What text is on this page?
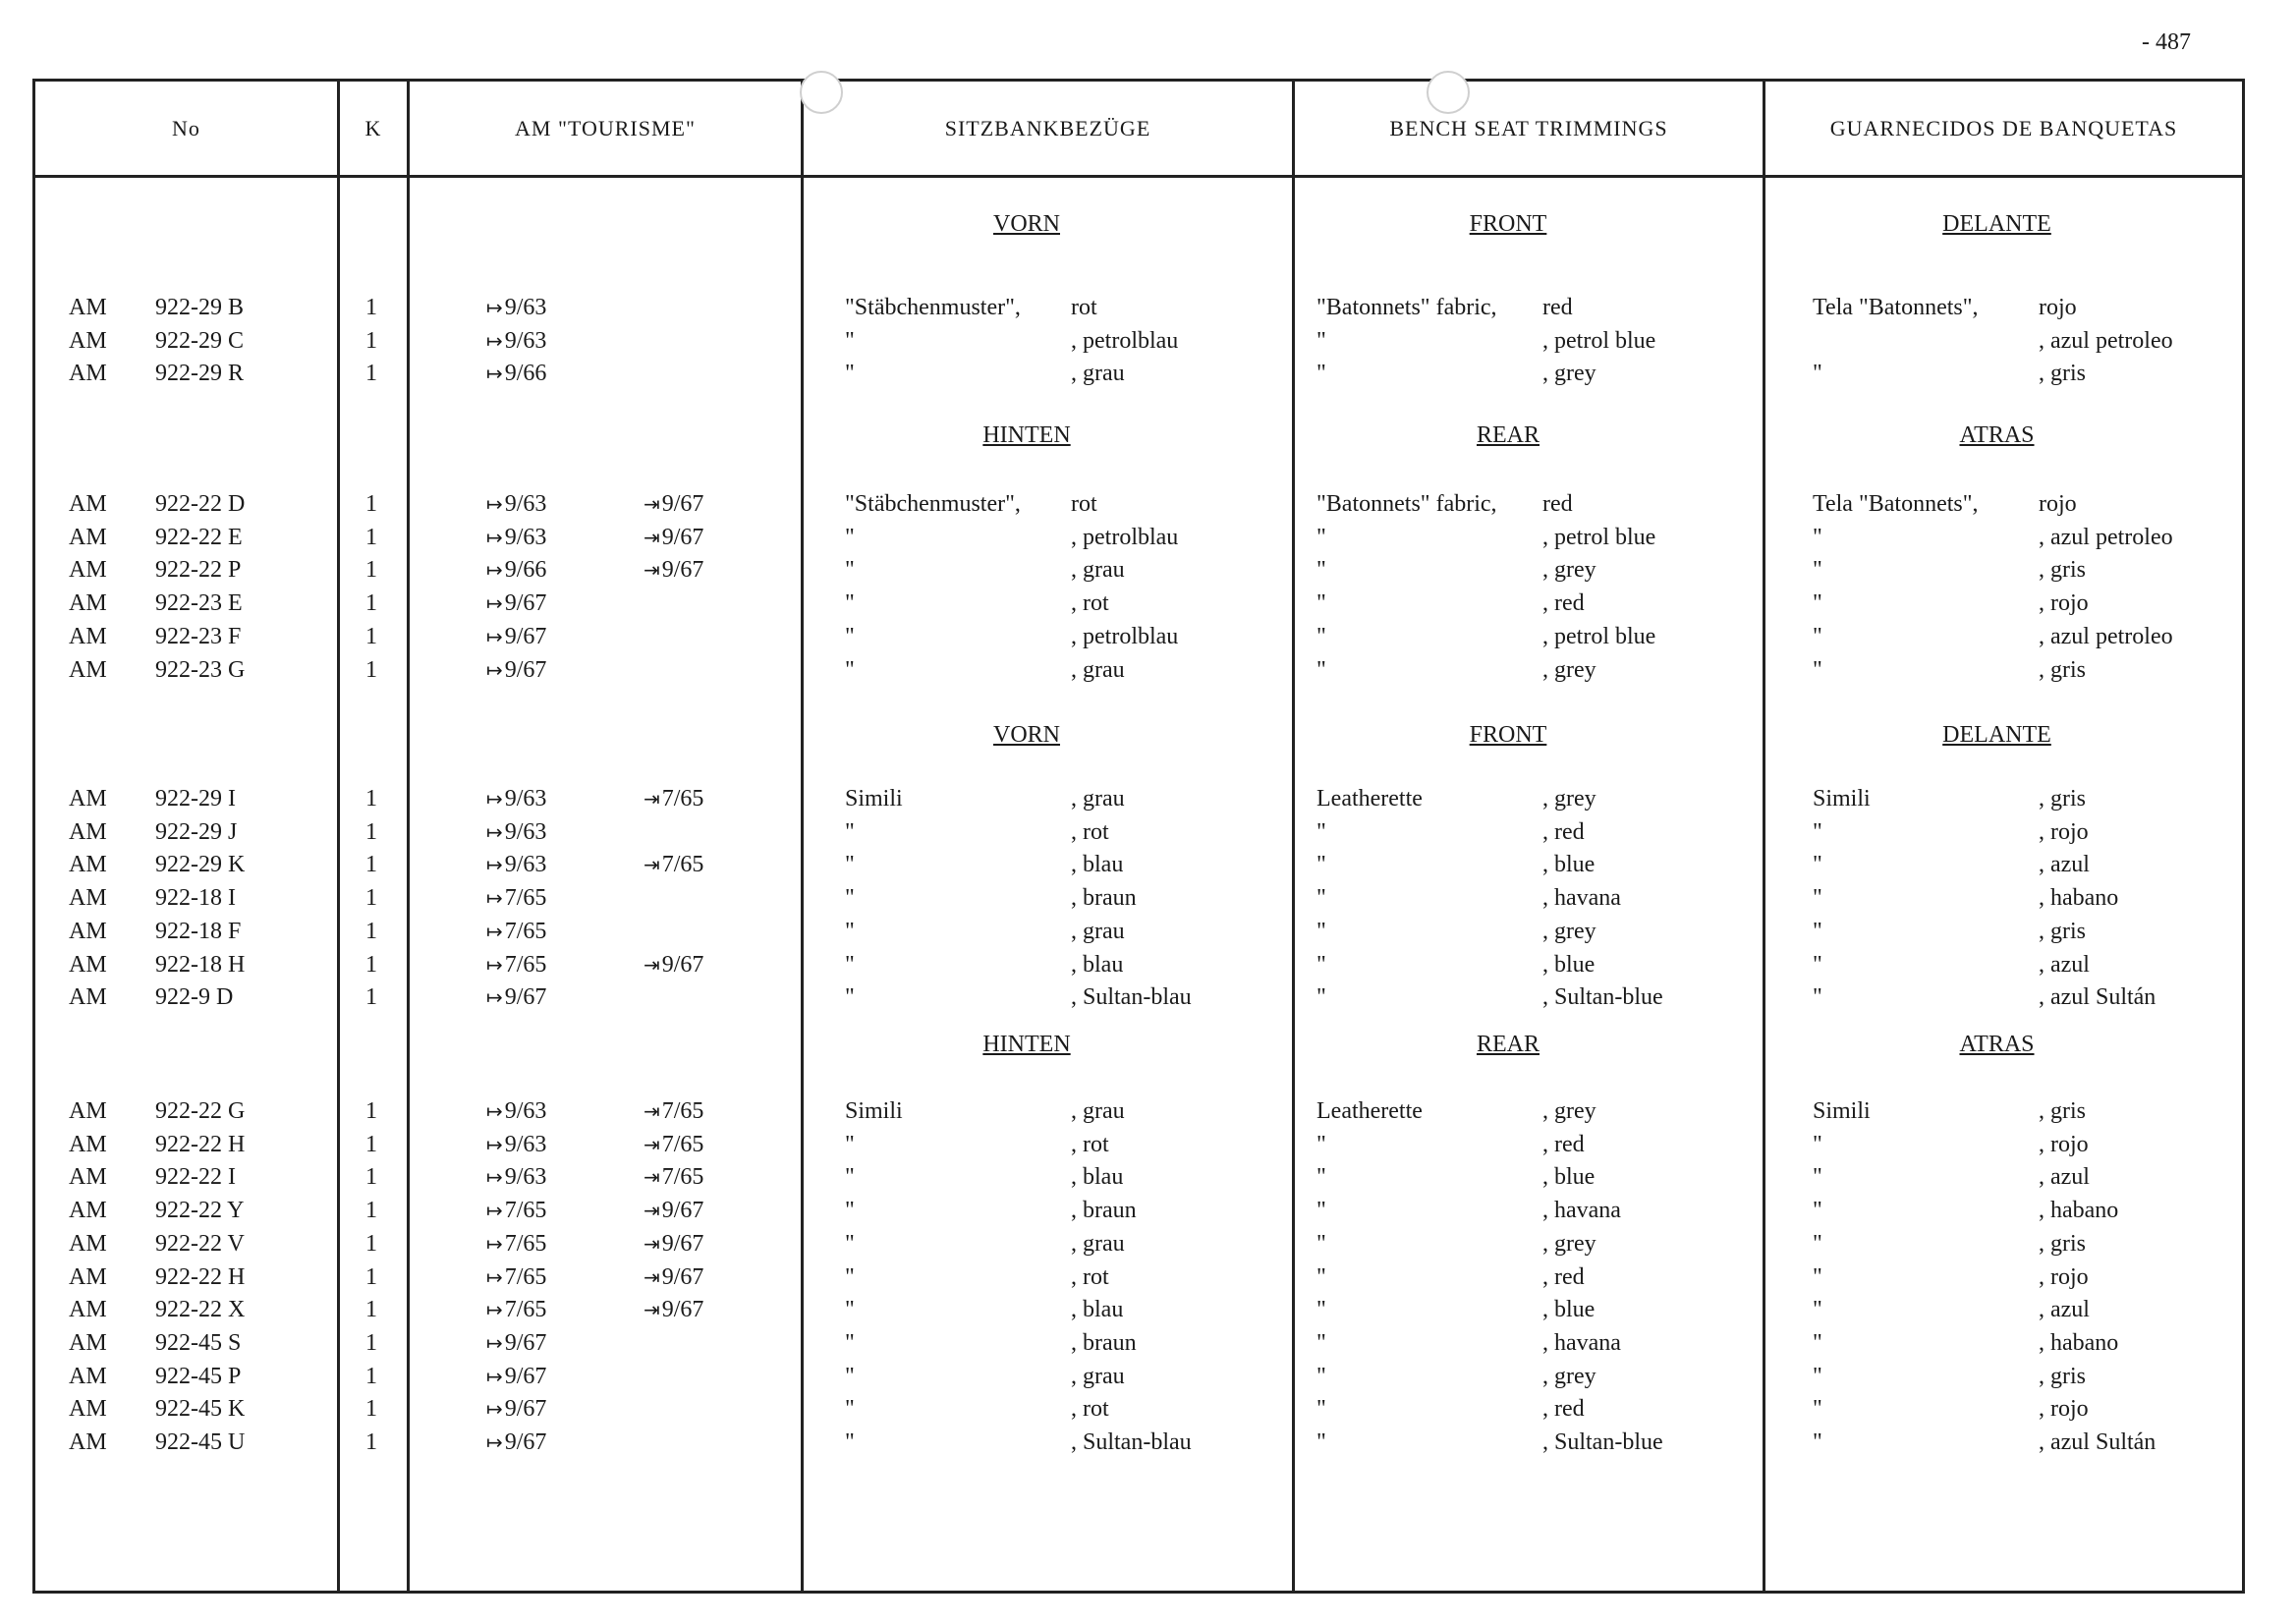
- 487
No	K	AM "TOURISME"	SITZBANKBEZÜGE	BENCH SEAT TRIMMINGS	GUARNECIDOS DE BANQUETAS
VORN	FRONT	DELANTE
AM 922-29 B	1	↦9/63	"Stäbchenmuster", rot	"Batonnets" fabric, red	Tela "Batonnets",	rojo
AM 922-29 C	1	↦9/63	"	, petrolblau	"	, petrol blue	, azul petroleo
AM 922-29 R	1	↦9/66	"	, grau	"	, grey	"	, gris
HINTEN	REAR	ATRAS
AM 922-22 D	1	↦9/63	⇥9/67	"Stäbchenmuster", rot	"Batonnets" fabric, red	Tela "Batonnets",	rojo
AM 922-22 E	1	↦9/63	⇥9/67	"	, petrolblau	"	, petrol blue	"	, azul petroleo
AM 922-22 P	1	↦9/66	⇥9/67	"	, grau	"	, grey	"	, gris
AM 922-23 E	1	↦9/67	"	, rot	"	, red	"	, rojo
AM 922-23 F	1	↦9/67	"	, petrolblau	"	, petrol blue	"	, azul petroleo
AM 922-23 G	1	↦9/67	"	, grau	"	, grey	"	, gris
VORN	FRONT	DELANTE
AM 922-29 I	1	↦9/63	⇥7/65	Simili	, grau	Leatherette	, grey	Simili	, gris
AM 922-29 J	1	↦9/63	"	, rot	"	, red	"	, rojo
AM 922-29 K	1	↦9/63	⇥7/65	"	, blau	"	, blue	"	, azul
AM 922-18 I	1	↦7/65	"	, braun	"	, havana	"	, habano
AM 922-18 F	1	↦7/65	"	, grau	"	, grey	"	, gris
AM 922-18 H	1	↦7/65	⇥9/67	"	, blau	"	, blue	"	, azul
AM 922-9 D	1	↦9/67	"	, Sultan-blau	"	, Sultan-blue	"	, azul Sultán
HINTEN	REAR	ATRAS
AM 922-22 G	1	↦9/63	⇥7/65	Simili	, grau	Leatherette	, grey	Simili	, gris
AM 922-22 H	1	↦9/63	⇥7/65	"	, rot	"	, red	"	, rojo
AM 922-22 I	1	↦9/63	⇥7/65	"	, blau	"	, blue	"	, azul
AM 922-22 Y	1	↦7/65	⇥9/67	"	, braun	"	, havana	"	, habano
AM 922-22 V	1	↦7/65	⇥9/67	"	, grau	"	, grey	"	, gris
AM 922-22 H	1	↦7/65	⇥9/67	"	, rot	"	, red	"	, rojo
AM 922-22 X	1	↦7/65	⇥9/67	"	, blau	"	, blue	"	, azul
AM 922-45 S	1	↦9/67	"	, braun	"	, havana	"	, habano
AM 922-45 P	1	↦9/67	"	, grau	"	, grey	"	, gris
AM 922-45 K	1	↦9/67	"	, rot	"	, red	"	, rojo
AM 922-45 U	1	↦9/67	"	, Sultan-blau	"	, Sultan-blue	"	, azul Sultán
